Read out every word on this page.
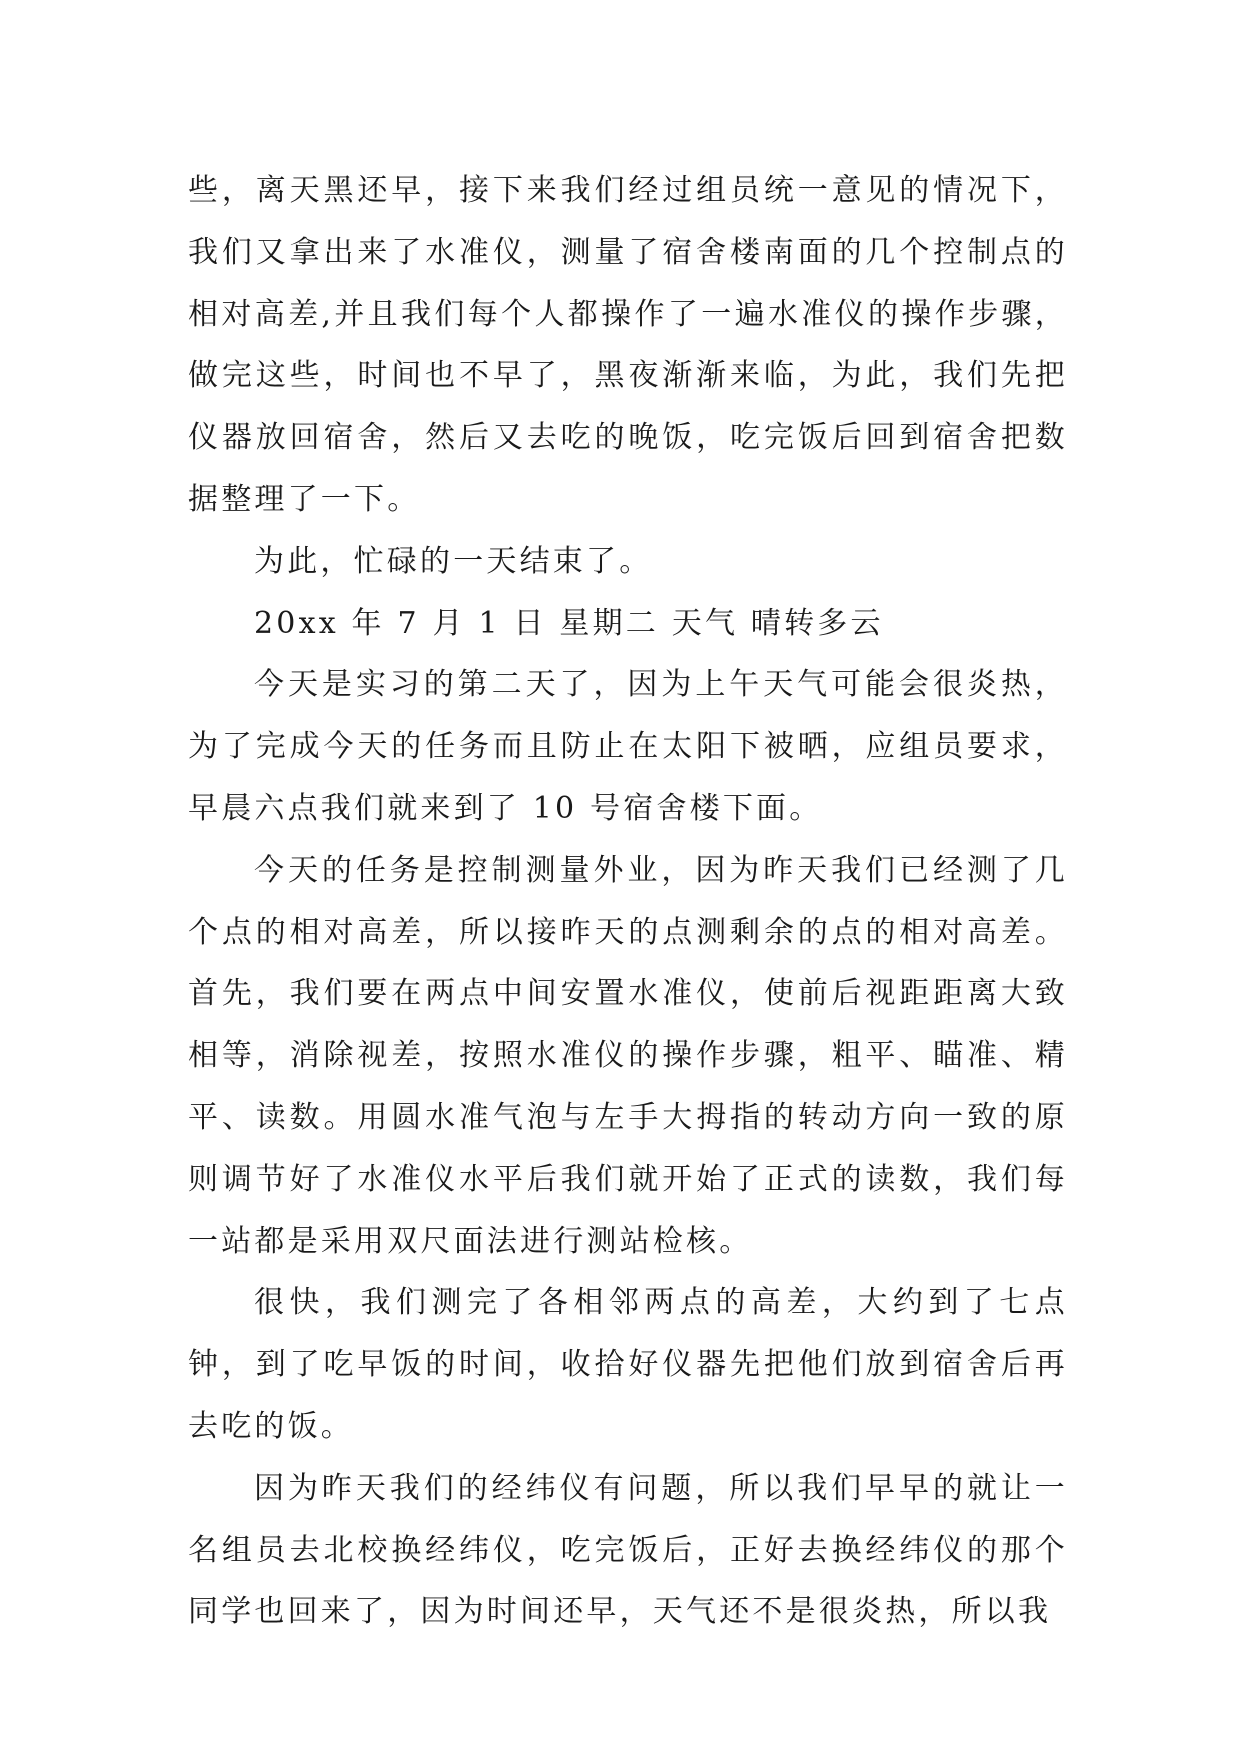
些，离天黑还早，接下来我们经过组员统一意见的情况下，我们又拿出来了水准仪，测量了宿舍楼南面的几个控制点的相对高差,并且我们每个人都操作了一遍水准仪的操作步骤，做完这些，时间也不早了，黑夜渐渐来临，为此，我们先把仪器放回宿舍，然后又去吃的晚饭，吃完饭后回到宿舍把数据整理了一下。

为此，忙碌的一天结束了。

20xx 年 7 月 1 日 星期二 天气 晴转多云

今天是实习的第二天了，因为上午天气可能会很炎热，为了完成今天的任务而且防止在太阳下被晒，应组员要求，早晨六点我们就来到了 10 号宿舍楼下面。

今天的任务是控制测量外业，因为昨天我们已经测了几个点的相对高差，所以接昨天的点测剩余的点的相对高差。首先，我们要在两点中间安置水准仪，使前后视距距离大致相等，消除视差，按照水准仪的操作步骤，粗平、瞄准、精平、读数。用圆水准气泡与左手大拇指的转动方向一致的原则调节好了水准仪水平后我们就开始了正式的读数，我们每一站都是采用双尺面法进行测站检核。

很快，我们测完了各相邻两点的高差，大约到了七点钟，到了吃早饭的时间，收拾好仪器先把他们放到宿舍后再去吃的饭。

因为昨天我们的经纬仪有问题，所以我们早早的就让一名组员去北校换经纬仪，吃完饭后，正好去换经纬仪的那个同学也回来了，因为时间还早，天气还不是很炎热，所以我
